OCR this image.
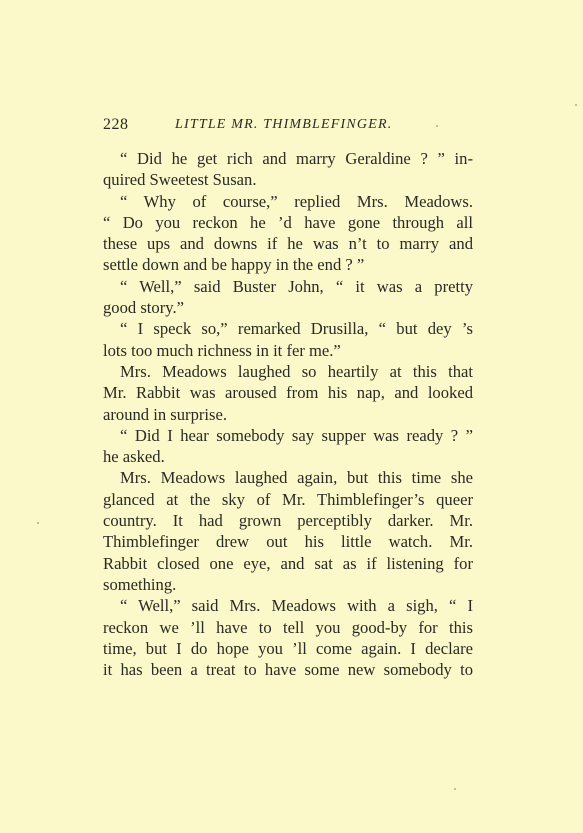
228	LITTLE MR. THIMBLEFINGER.
“ Did he get rich and marry Geraldine ? ” in-
quired Sweetest Susan.
“ Why of course,” replied Mrs. Meadows.
“ Do you reckon he ’d have gone through all
these ups and downs if he was n’t to marry and
settle down and be happy in the end ? ”
“ Well,” said Buster John, “ it was a pretty
good story.”
“ I speck so,” remarked Drusilla, “ but dey ’s
lots too much richness in it fer me.”
Mrs. Meadows laughed so heartily at this that
Mr. Rabbit was aroused from his nap, and looked
around in surprise.
“ Did I hear somebody say supper was ready ? ”
he asked.
Mrs. Meadows laughed again, but this time she
glanced at the sky of Mr. Thimblefinger’s queer
country. It had grown perceptibly darker. Mr.
Thimblefinger drew out his little watch. Mr.
Rabbit closed one eye, and sat as if listening for
something.
“ Well,” said Mrs. Meadows with a sigh, “ I
reckon we ’ll have to tell you good-by for this
time, but I do hope you ’ll come again. I declare
it has been a treat to have some new somebody to
